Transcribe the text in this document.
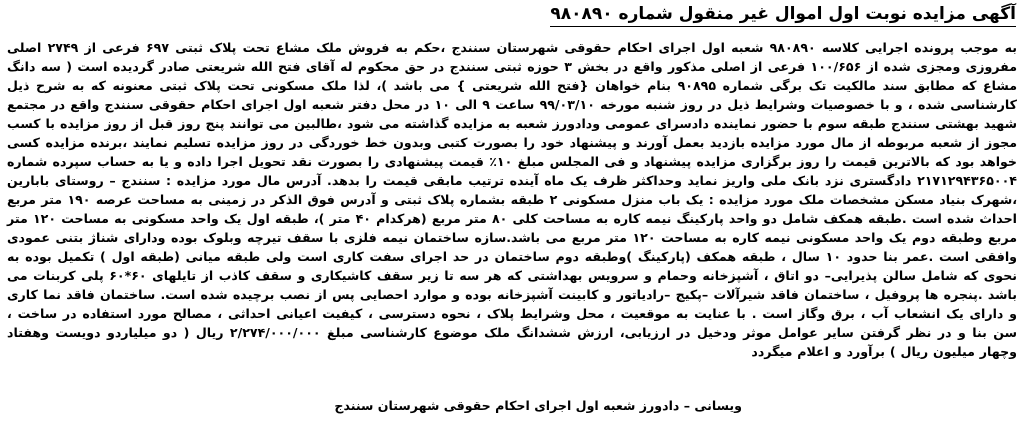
آگهی مزایده نوبت اول اموال غیر منقول شماره ۹۸۰۸۹۰

به موجب پرونده اجرایی کلاسه ۹۸۰۸۹۰ شعبه اول اجرای احکام حقوقی شهرستان سنندج ،حکم به فروش ملک مشاع تحت پلاک ثبتی ۶۹۷ فرعی از ۲۷۴۹ اصلی مفروزی ومجزی شده از ۱۰۰/۶۵۶ فرعی از اصلی مذکور واقع در بخش ۳ حوزه ثبتی سنندج در حق محکوم له آقای فتح الله شریعتی صادر گردیده است ( سه دانگ مشاع که مطابق سند مالکیت تک برگی شماره ۹۰۸۹۵ بنام خواهان {فتح الله شریعتی } می باشد )، لذا ملک مسکونی تحت پلاک ثبتی معنونه که به شرح ذیل کارشناسی شده ، و با خصوصیات وشرایط ذیل در روز شنبه مورخه ۹۹/۰۳/۱۰ ساعت ۹ الی ۱۰ در محل دفتر شعبه اول اجرای احکام حقوقی سنندج واقع در مجتمع شهید بهشتی سنندج طبقه سوم با حضور نماینده دادسرای عمومی ودادورز شعبه به مزایده گذاشته می شود ،طالبین می توانند پنج روز قبل از روز مزایده با کسب مجوز از شعبه مربوطه از مال مورد مزایده بازدید بعمل آورند و پیشنهاد خود را بصورت کتبی وبدون خط خوردگی در روز مزایده تسلیم نمایند ،برنده مزایده کسی خواهد بود که بالاترین قیمت را روز برگزاری مزایده پیشنهاد و فی المجلس مبلغ ۱۰٪ قیمت پیشنهادی را بصورت نقد تحویل اجرا داده و یا به حساب سپرده شماره ۲۱۷۱۲۹۴۳۶۵۰۰۴ دادگستری نزد بانک ملی واریز نماید وحداکثر ظرف یک ماه آینده ترتیب مابقی قیمت را بدهد. آدرس مال مورد مزایده : سنندج – روستای بابارین ،شهرک بنیاد مسکن مشخصات ملک مورد مزایده : یک باب منزل مسکونی ۲ طبقه بشماره پلاک ثبتی و آدرس فوق الذکر در زمینی به مساحت عرصه ۱۹۰ متر مربع احداث شده است .طبقه همکف شامل دو واحد پارکینگ نیمه کاره به مساحت کلی ۸۰ متر مربع (هرکدام ۴۰ متر )، طبقه اول یک واحد مسکونی به مساحت ۱۲۰ متر مربع وطبقه دوم یک واحد مسکونی نیمه کاره به مساحت ۱۲۰ متر مربع می باشد.سازه ساختمان نیمه فلزی با سقف تیرچه وبلوک بوده ودارای شناژ بتنی عمودی وافقی است .عمر بنا حدود ۱۰ سال ، طبقه همکف (پارکینگ )وطبقه دوم ساختمان در حد اجرای سفت کاری است ولی طبقه میانی (طبقه اول ) تکمیل بوده به نحوی که شامل سالن پذیرایی– دو اتاق ، آشپزخانه وحمام و سرویس بهداشتی که هر سه تا زیر سقف کاشیکاری و سقف کاذب از تایلهای ۶۰*۶۰ پلی کربنات می باشد .پنجره ها پروفیل ، ساختمان فاقد شیرآلات –پکیج –رادیاتور و کابینت آشپزخانه بوده و موارد احصایی پس از نصب برچیده شده است. ساختمان فاقد نما کاری و دارای یک انشعاب آب ، برق وگاز است . با عنایت به موقعیت ، محل وشرایط پلاک ، نحوه دسترسی ، کیفیت اعیانی احداثی ، مصالح مورد استفاده در ساخت ، سن بنا و در نظر گرفتن سایر عوامل موثر ودخیل در ارزیابی، ارزش ششدانگ ملک موضوع کارشناسی مبلغ ۲/۲۷۴/۰۰۰/۰۰۰ ریال ( دو میلیاردو دویست وهفتاد وچهار میلیون ریال ) برآورد و اعلام میگردد

ویسانی – دادورز شعبه اول اجرای احکام حقوقی شهرستان سنندج
